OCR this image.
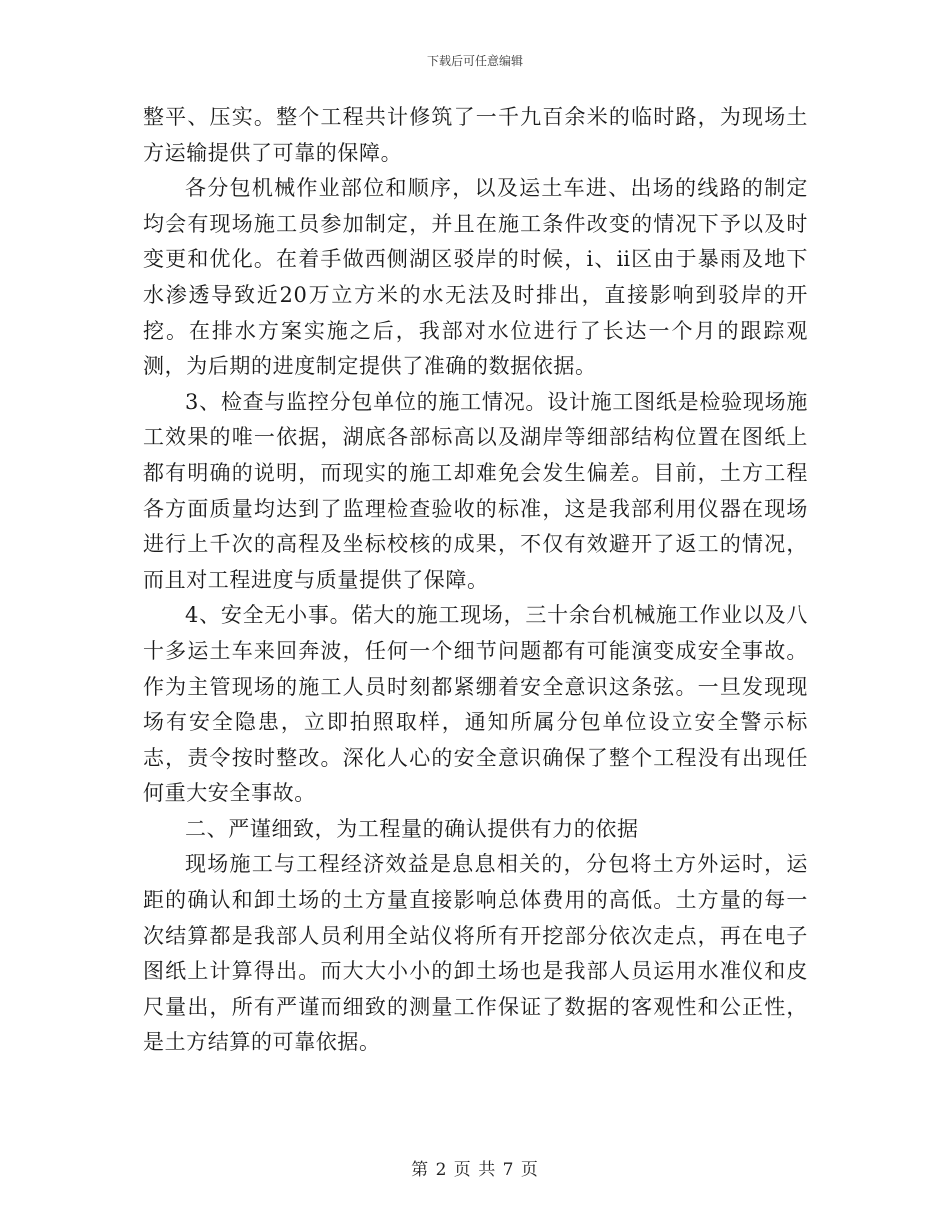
下载后可任意编辑

整平、压实。整个工程共计修筑了一千九百余米的临时路，为现场土方运输提供了可靠的保障。

各分包机械作业部位和顺序，以及运土车进、出场的线路的制定均会有现场施工员参加制定，并且在施工条件改变的情况下予以及时变更和优化。在着手做西侧湖区驳岸的时候，ⅰ、ⅱ区由于暴雨及地下水渗透导致近20万立方米的水无法及时排出，直接影响到驳岸的开挖。在排水方案实施之后，我部对水位进行了长达一个月的跟踪观测，为后期的进度制定提供了准确的数据依据。

3、检查与监控分包单位的施工情况。设计施工图纸是检验现场施工效果的唯一依据，湖底各部标高以及湖岸等细部结构位置在图纸上都有明确的说明，而现实的施工却难免会发生偏差。目前，土方工程各方面质量均达到了监理检查验收的标准，这是我部利用仪器在现场进行上千次的高程及坐标校核的成果，不仅有效避开了返工的情况，而且对工程进度与质量提供了保障。

4、安全无小事。偌大的施工现场，三十余台机械施工作业以及八十多运土车来回奔波，任何一个细节问题都有可能演变成安全事故。作为主管现场的施工人员时刻都紧绷着安全意识这条弦。一旦发现现场有安全隐患，立即拍照取样，通知所属分包单位设立安全警示标志，责令按时整改。深化人心的安全意识确保了整个工程没有出现任何重大安全事故。

二、严谨细致，为工程量的确认提供有力的依据

现场施工与工程经济效益是息息相关的，分包将土方外运时，运距的确认和卸土场的土方量直接影响总体费用的高低。土方量的每一次结算都是我部人员利用全站仪将所有开挖部分依次走点，再在电子图纸上计算得出。而大大小小的卸土场也是我部人员运用水准仪和皮尺量出，所有严谨而细致的测量工作保证了数据的客观性和公正性，是土方结算的可靠依据。

第 2 页 共 7 页
